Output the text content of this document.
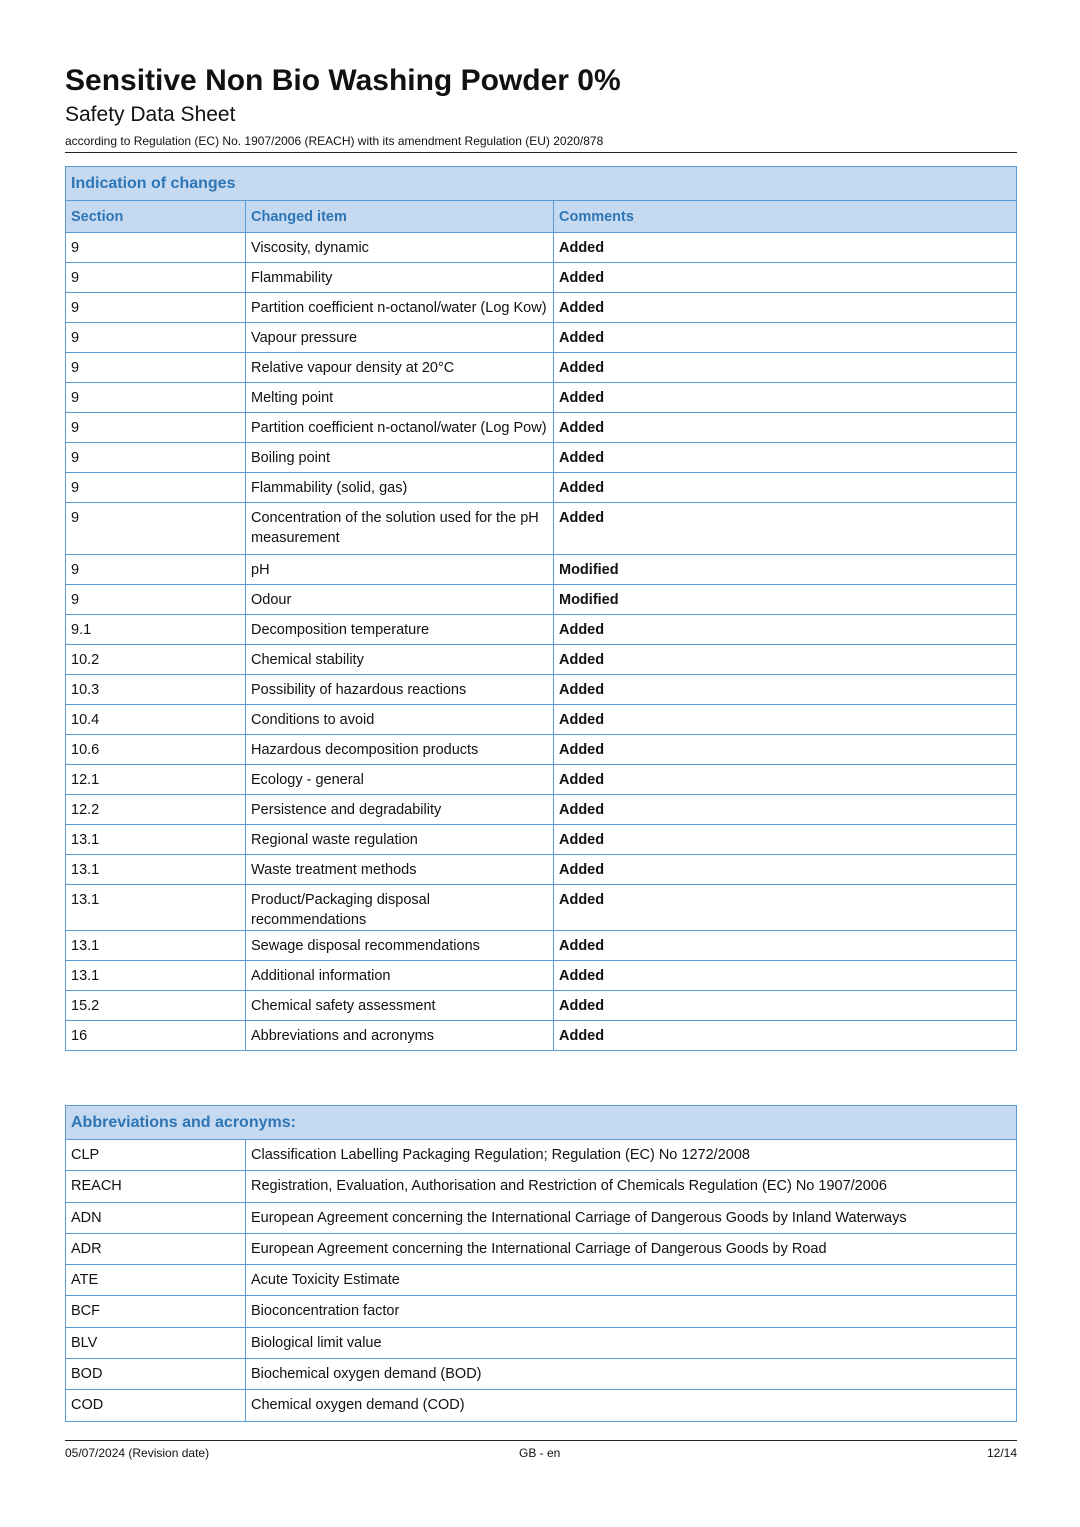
Sensitive Non Bio Washing Powder 0%
Safety Data Sheet
according to Regulation (EC) No. 1907/2006 (REACH) with its amendment Regulation (EU) 2020/878
Indication of changes		
Section	Changed item	Comments
9	Viscosity, dynamic	Added
9	Flammability	Added
9	Partition coefficient n-octanol/water (Log Kow)	Added
9	Vapour pressure	Added
9	Relative vapour density at 20°C	Added
9	Melting point	Added
9	Partition coefficient n-octanol/water (Log Pow)	Added
9	Boiling point	Added
9	Flammability (solid, gas)	Added
9	Concentration of the solution used for the pH measurement	Added
9	pH	Modified
9	Odour	Modified
9.1	Decomposition temperature	Added
10.2	Chemical stability	Added
10.3	Possibility of hazardous reactions	Added
10.4	Conditions to avoid	Added
10.6	Hazardous decomposition products	Added
12.1	Ecology - general	Added
12.2	Persistence and degradability	Added
13.1	Regional waste regulation	Added
13.1	Waste treatment methods	Added
13.1	Product/Packaging disposal recommendations	Added
13.1	Sewage disposal recommendations	Added
13.1	Additional information	Added
15.2	Chemical safety assessment	Added
16	Abbreviations and acronyms	Added
Abbreviations and acronyms:	
CLP	Classification Labelling Packaging Regulation; Regulation (EC) No 1272/2008
REACH	Registration, Evaluation, Authorisation and Restriction of Chemicals Regulation (EC) No 1907/2006
ADN	European Agreement concerning the International Carriage of Dangerous Goods by Inland Waterways
ADR	European Agreement concerning the International Carriage of Dangerous Goods by Road
ATE	Acute Toxicity Estimate
BCF	Bioconcentration factor
BLV	Biological limit value
BOD	Biochemical oxygen demand (BOD)
COD	Chemical oxygen demand (COD)
05/07/2024 (Revision date)	GB - en	12/14
